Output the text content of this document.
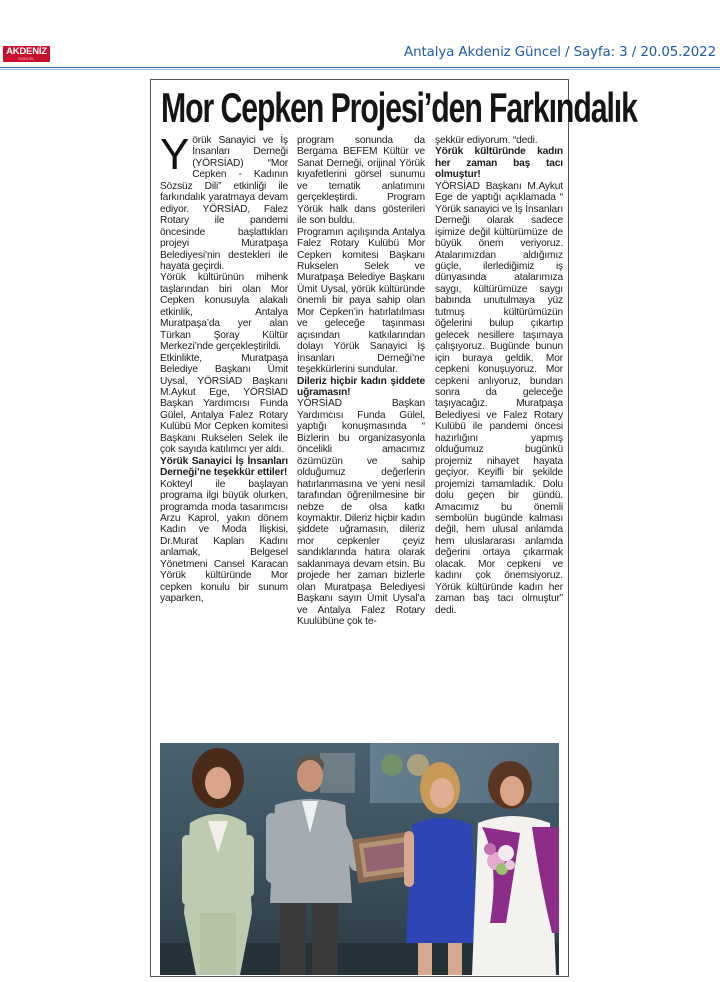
AKDENİZ
GÜNCEL	Antalya Akdeniz Güncel / Sayfa: 3 / 20.05.2022
Mor Cepken Projesi’den Farkındalık
Y örük Sanayici ve İş İnsanları Derneği (YÖRSİAD) “Mor Cepken - Kadının Sözsüz Dili” etkinliği ile farkındalık yaratmaya devam ediyor. YÖRSİAD, Falez Rotary ile pandemi öncesinde başlattıkları projeyi Muratpaşa Belediyesi’nin destekleri ile hayata geçirdi.

Yörük kültürünün mihenk taşlarından biri olan Mor Cepken konusuyla alakalı etkinlik, Antalya Muratpaşa’da yer alan Türkan Şoray Kültür Merkezi’nde gerçekleştirildi.

Etkinlikte, Muratpaşa Belediye Başkanı Ümit Uysal, YÖRSİAD Başkanı M.Aykut Ege, YÖRSİAD Başkan Yardımcısı Funda Gülel, Antalya Falez Rotary Kulübü Mor Cepken komitesi Başkanı Rukselen Selek ile çok sayıda katılımcı yer aldı.

Yörük Sanayici İş İnsanları Derneği’ne teşekkür ettiler!

Kokteyl ile başlayan programa ilgi büyük olurken, programda moda tasarımcısı Arzu Kaprol, yakın dönem Kadın ve Moda İlişkisi, Dr.Murat Kaplan Kadını anlamak, Belgesel Yönetmeni Cansel Karacan Yörük kültüründe Mor cepken konulu bir sunum yaparken,

program sonunda da Bergama BEFEM Kültür ve Sanat Derneği, orijinal Yörük kıyafetlerini görsel sunumu ve tematik anlatımını gerçekleştirdi. Program Yörük halk dans gösterileri ile son buldu.

Programın açılışında Antalya Falez Rotary Kulübü Mor Cepken komitesi Başkanı Rukselen Selek ve Muratpaşa Belediye Başkanı Ümit Uysal, yörük kültüründe önemli bir paya sahip olan Mor Cepken’in hatırlatılması ve geleceğe taşınması açısından katkılarından dolayı Yörük Sanayici İş İnsanları Derneği’ne teşekkürlerini sundular.

Dileriz hiçbir kadın şiddete uğramasın!

YÖRSİAD Başkan Yardımcısı Funda Gülel, yaptığı konuşmasında “ Bizlerin bu organizasyonla öncelikli amacımız özümüzün ve sahip olduğumuz değerlerin hatırlanmasına ve yeni nesil tarafından öğrenilmesine bir nebze de olsa katkı koymaktır. Dileriz hiçbir kadın şiddete uğramasın, dileriz mor cepkenler çeyiz sandıklarında hatıra olarak saklanmaya devam etsin. Bu projede her zaman bizlerle olan Muratpaşa Belediyesi Başkanı sayın Ümit Uysal’a ve Antalya Falez Rotary Kuulübüne çok te-

şekkür ediyorum. “dedi.

Yörük kültüründe kadın her zaman baş tacı olmuştur!

YÖRSİAD Başkanı M.Aykut Ege de yaptığı açıklamada “ Yörük sanayici ve İş İnsanları Derneği olarak sadece işimize değil kültürümüze de büyük önem veriyoruz. Atalarımızdan aldığımız güçle, ilerlediğimiz iş dünyasında atalarımıza saygı, kültürümüze saygı babında unutulmaya yüz tutmuş kültürümüzün öğelerini bulup çıkartıp gelecek nesillere taşımaya çalışıyoruz. Bugünde bunun için buraya geldik. Mor cepkeni konuşuyoruz. Mor cepkeni anlıyoruz, bundan sonra da geleceğe taşıyacağız. Muratpaşa Belediyesi ve Falez Rotary Kulübü ile pandemi öncesi hazırlığını yapmış olduğumuz bugünkü projemiz nihayet hayata geçiyor. Keyifli bir şekilde projemizi tamamladık. Dolu dolu geçen bir gündü. Amacımız bu önemli sembolün bugünde kalması değil, hem ulusal anlamda hem uluslararası anlamda değerini ortaya çıkarmak olacak. Mor cepkeni ve kadını çok önemsiyoruz. Yörük kültüründe kadın her zaman baş tacı olmuştur” dedi.
